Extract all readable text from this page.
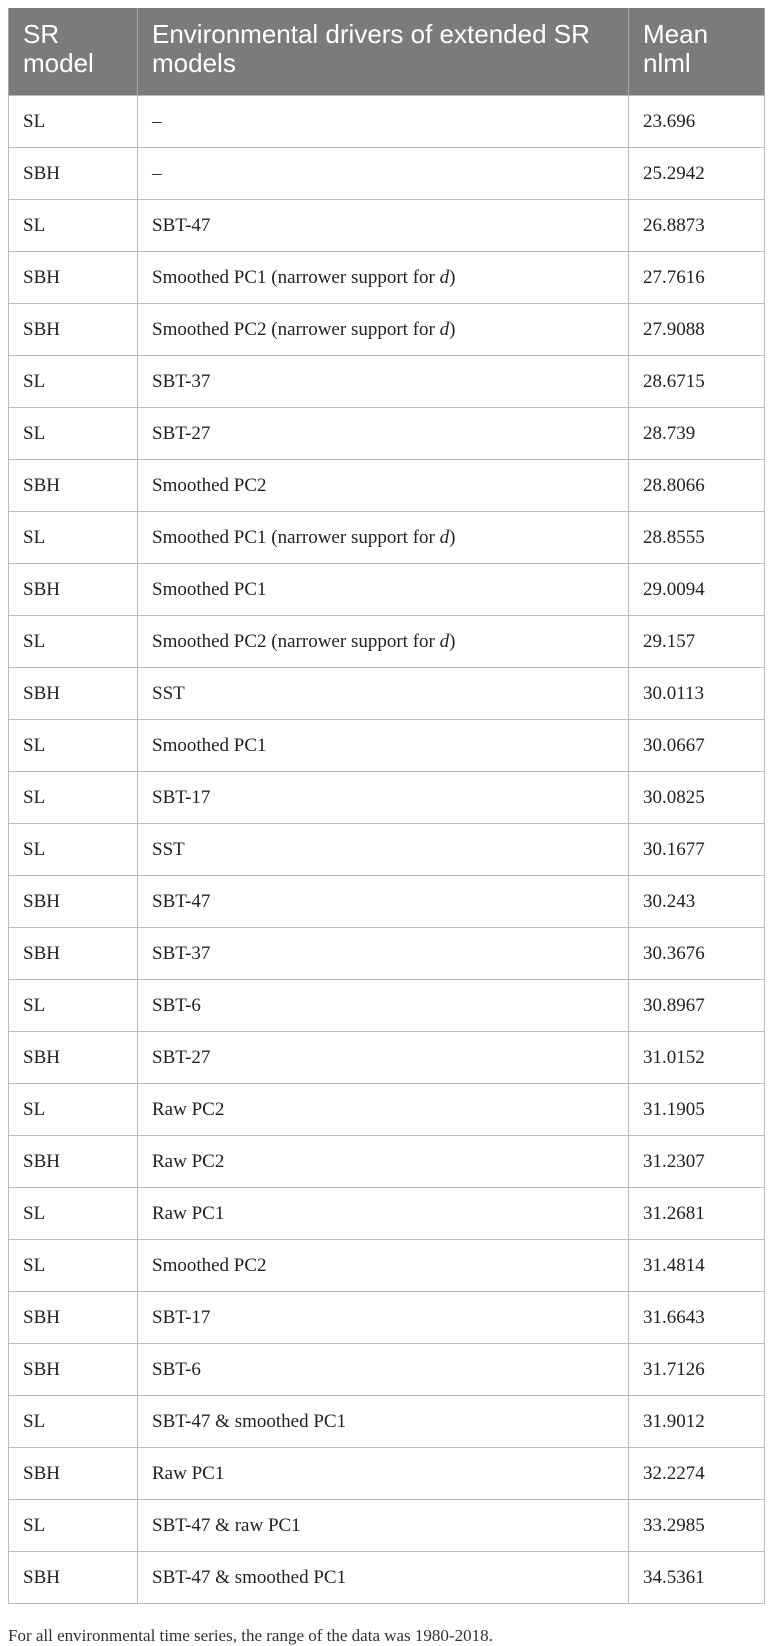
SR model	Environmental drivers of extended SR models	Mean nlml
SL	–	23.696
SBH	–	25.2942
SL	SBT-47	26.8873
SBH	Smoothed PC1 (narrower support for d)	27.7616
SBH	Smoothed PC2 (narrower support for d)	27.9088
SL	SBT-37	28.6715
SL	SBT-27	28.739
SBH	Smoothed PC2	28.8066
SL	Smoothed PC1 (narrower support for d)	28.8555
SBH	Smoothed PC1	29.0094
SL	Smoothed PC2 (narrower support for d)	29.157
SBH	SST	30.0113
SL	Smoothed PC1	30.0667
SL	SBT-17	30.0825
SL	SST	30.1677
SBH	SBT-47	30.243
SBH	SBT-37	30.3676
SL	SBT-6	30.8967
SBH	SBT-27	31.0152
SL	Raw PC2	31.1905
SBH	Raw PC2	31.2307
SL	Raw PC1	31.2681
SL	Smoothed PC2	31.4814
SBH	SBT-17	31.6643
SBH	SBT-6	31.7126
SL	SBT-47 & smoothed PC1	31.9012
SBH	Raw PC1	32.2274
SL	SBT-47 & raw PC1	33.2985
SBH	SBT-47 & smoothed PC1	34.5361
For all environmental time series, the range of the data was 1980-2018.
